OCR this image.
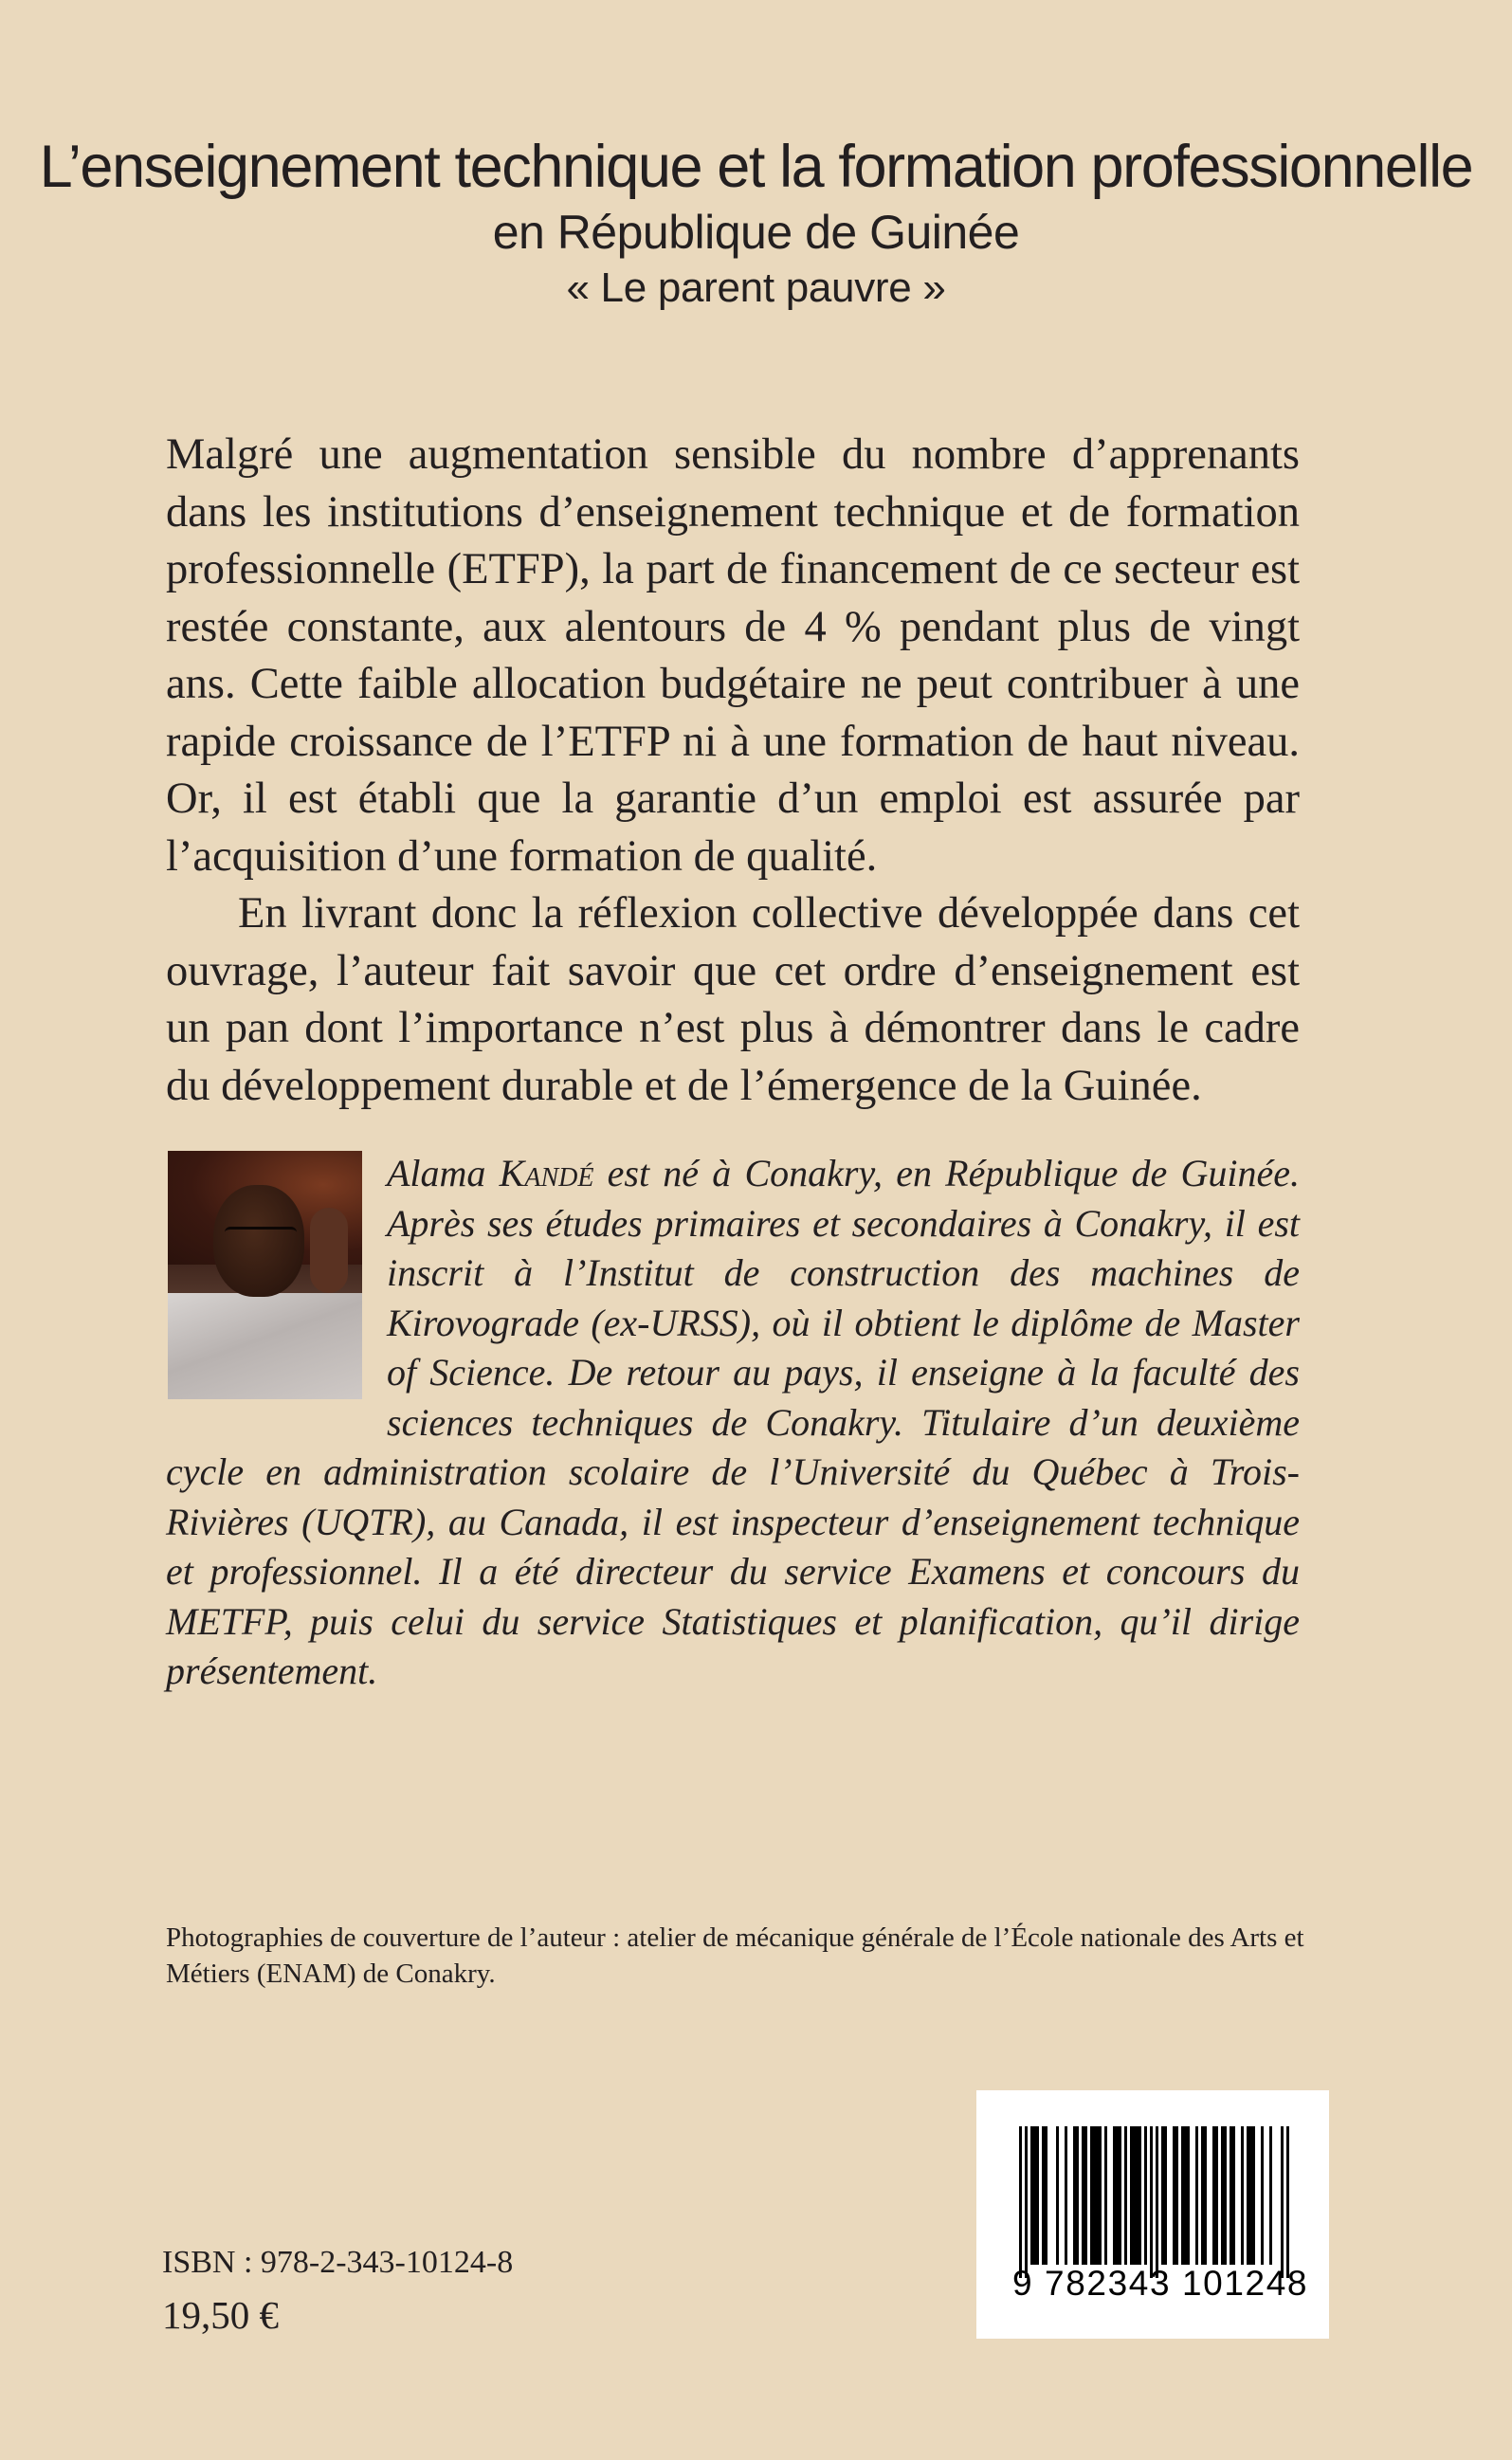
L’enseignement technique et la formation professionnelle
en République de Guinée
« Le parent pauvre »

Malgré une augmentation sensible du nombre d’apprenants dans les institutions d’enseignement technique et de formation professionnelle (ETFP), la part de financement de ce secteur est restée constante, aux alentours de 4 % pendant plus de vingt ans. Cette faible allocation budgétaire ne peut contribuer à une rapide croissance de l’ETFP ni à une formation de haut niveau. Or, il est établi que la garantie d’un emploi est assurée par l’acquisition d’une formation de qualité.

En livrant donc la réflexion collective développée dans cet ouvrage, l’auteur fait savoir que cet ordre d’enseignement est un pan dont l’importance n’est plus à démontrer dans le cadre du développement durable et de l’émergence de la Guinée.

Alama Kandé est né à Conakry, en République de Guinée. Après ses études primaires et secondaires à Conakry, il est inscrit à l’Institut de construction des machines de Kirovograde (ex-URSS), où il obtient le diplôme de Master of Science. De retour au pays, il enseigne à la faculté des sciences techniques de Conakry. Titulaire d’un deuxième cycle en administration scolaire de l’Université du Québec à Trois-Rivières (UQTR), au Canada, il est inspecteur d’enseignement technique et professionnel. Il a été directeur du service Examens et concours du METFP, puis celui du service Statistiques et planification, qu’il dirige présentement.
Photographies de couverture de l’auteur : atelier de mécanique générale de l’École nationale des Arts et Métiers (ENAM) de Conakry.
ISBN : 978-2-343-10124-8
19,50 €
9 782343 101248
